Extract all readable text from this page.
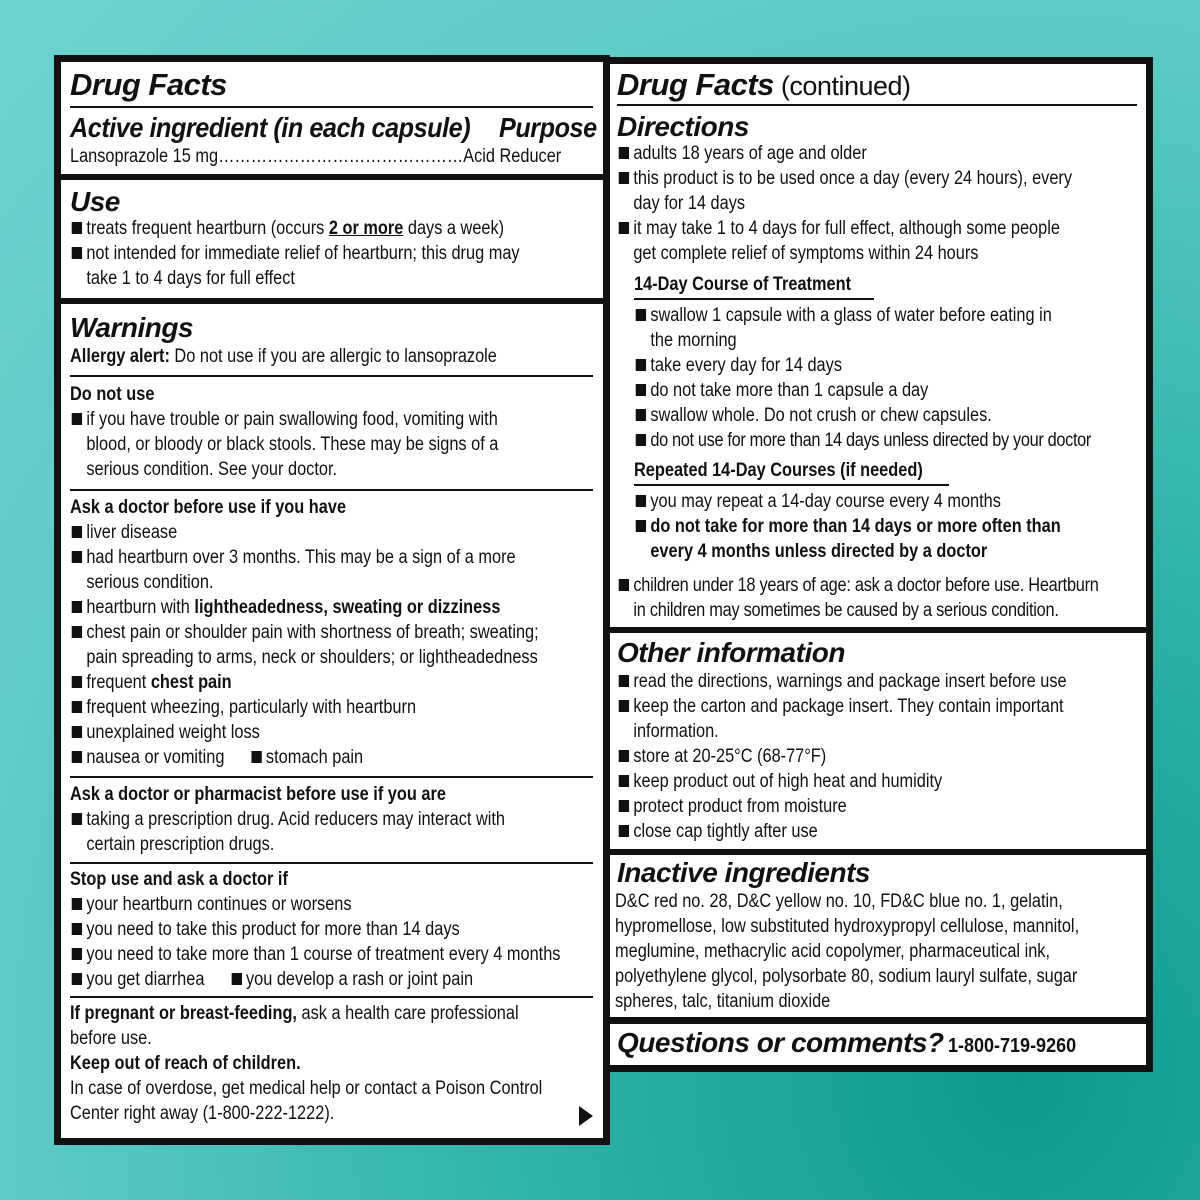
Drug Facts
Active ingredient (in each capsule) Purpose
Lansoprazole 15 mg………………………………………Acid Reducer
Use
treats frequent heartburn (occurs 2 or more days a week)
not intended for immediate relief of heartburn; this drug may
take 1 to 4 days for full effect
Warnings
Allergy alert: Do not use if you are allergic to lansoprazole
Do not use
if you have trouble or pain swallowing food, vomiting with
blood, or bloody or black stools. These may be signs of a
serious condition. See your doctor.
Ask a doctor before use if you have
liver disease
had heartburn over 3 months. This may be a sign of a more
serious condition.
heartburn with lightheadedness, sweating or dizziness
chest pain or shoulder pain with shortness of breath; sweating;
pain spreading to arms, neck or shoulders; or lightheadedness
frequent chest pain
frequent wheezing, particularly with heartburn
unexplained weight loss
nausea or vomiting stomach pain
Ask a doctor or pharmacist before use if you are
taking a prescription drug. Acid reducers may interact with
certain prescription drugs.
Stop use and ask a doctor if
your heartburn continues or worsens
you need to take this product for more than 14 days
you need to take more than 1 course of treatment every 4 months
you get diarrhea you develop a rash or joint pain
If pregnant or breast-feeding, ask a health care professional
before use.
Keep out of reach of children.
In case of overdose, get medical help or contact a Poison Control
Center right away (1-800-222-1222).
Drug Facts (continued)
Directions
adults 18 years of age and older
this product is to be used once a day (every 24 hours), every
day for 14 days
it may take 1 to 4 days for full effect, although some people
get complete relief of symptoms within 24 hours
14-Day Course of Treatment
swallow 1 capsule with a glass of water before eating in
the morning
take every day for 14 days
do not take more than 1 capsule a day
swallow whole. Do not crush or chew capsules.
do not use for more than 14 days unless directed by your doctor
Repeated 14-Day Courses (if needed)
you may repeat a 14-day course every 4 months
do not take for more than 14 days or more often than
every 4 months unless directed by a doctor
children under 18 years of age: ask a doctor before use. Heartburn
in children may sometimes be caused by a serious condition.
Other information
read the directions, warnings and package insert before use
keep the carton and package insert. They contain important
information.
store at 20-25°C (68-77°F)
keep product out of high heat and humidity
protect product from moisture
close cap tightly after use
Inactive ingredients
D&C red no. 28, D&C yellow no. 10, FD&C blue no. 1, gelatin,
hypromellose, low substituted hydroxypropyl cellulose, mannitol,
meglumine, methacrylic acid copolymer, pharmaceutical ink,
polyethylene glycol, polysorbate 80, sodium lauryl sulfate, sugar
spheres, talc, titanium dioxide
Questions or comments? 1-800-719-9260
